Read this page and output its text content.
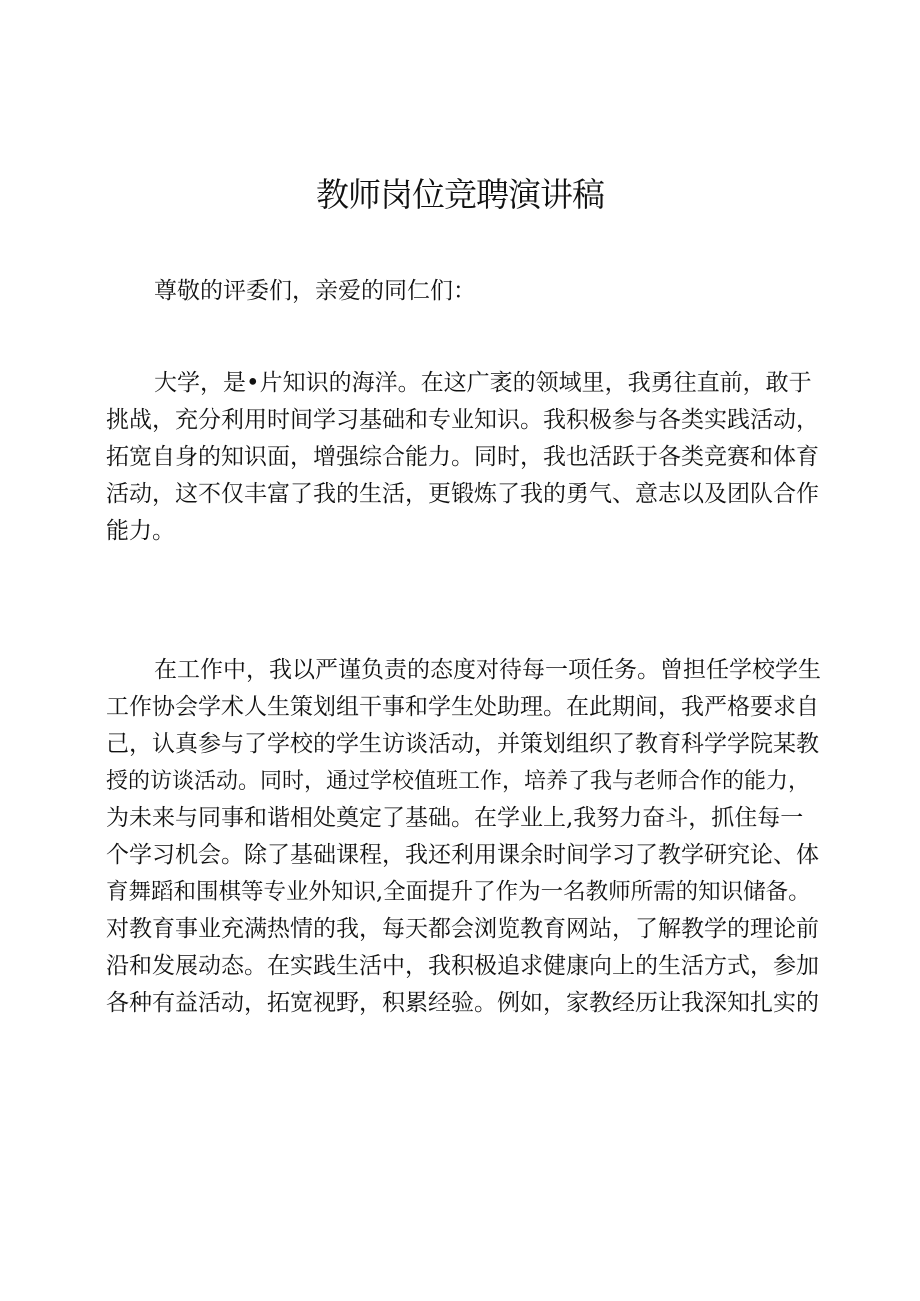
教师岗位竞聘演讲稿

尊敬的评委们，亲爱的同仁们：

大学，是•片知识的海洋。在这广袤的领域里，我勇往直前，敢于
挑战，充分利用时间学习基础和专业知识。我积极参与各类实践活动，
拓宽自身的知识面，增强综合能力。同时，我也活跃于各类竞赛和体育
活动，这不仅丰富了我的生活，更锻炼了我的勇气、意志以及团队合作
能力。

在工作中，我以严谨负责的态度对待每一项任务。曾担任学校学生
工作协会学术人生策划组干事和学生处助理。在此期间，我严格要求自
己，认真参与了学校的学生访谈活动，并策划组织了教育科学学院某教
授的访谈活动。同时，通过学校值班工作，培养了我与老师合作的能力，
为未来与同事和谐相处奠定了基础。在学业上,我努力奋斗，抓住每一
个学习机会。除了基础课程，我还利用课余时间学习了教学研究论、体
育舞蹈和围棋等专业外知识,全面提升了作为一名教师所需的知识储备。
对教育事业充满热情的我，每天都会浏览教育网站，了解教学的理论前
沿和发展动态。在实践生活中，我积极追求健康向上的生活方式，参加
各种有益活动，拓宽视野，积累经验。例如，家教经历让我深知扎实的
